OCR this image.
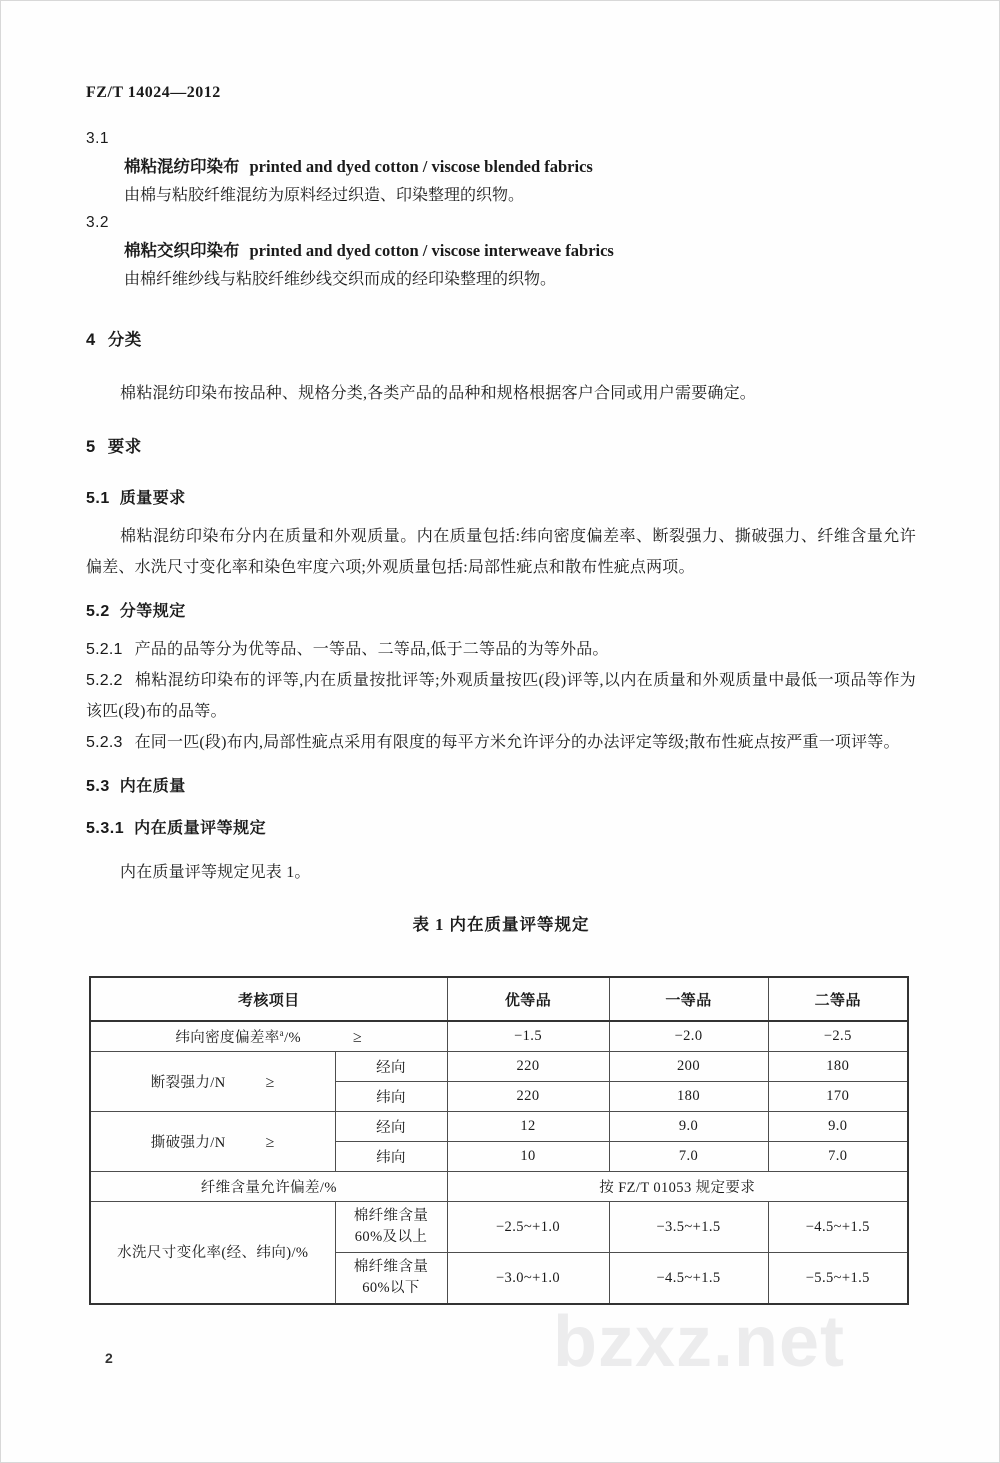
bzxz.net
FZ/T 14024—2012

3.1

棉粘混纺印染布 printed and dyed cotton / viscose blended fabrics

由棉与粘胶纤维混纺为原料经过织造、印染整理的织物。

3.2

棉粘交织印染布 printed and dyed cotton / viscose interweave fabrics

由棉纤维纱线与粘胶纤维纱线交织而成的经印染整理的织物。

4 分类

棉粘混纺印染布按品种、规格分类,各类产品的品种和规格根据客户合同或用户需要确定。

5 要求

5.1 质量要求

棉粘混纺印染布分内在质量和外观质量。内在质量包括:纬向密度偏差率、断裂强力、撕破强力、纤维含量允许偏差、水洗尺寸变化率和染色牢度六项;外观质量包括:局部性疵点和散布性疵点两项。

5.2 分等规定

5.2.1 产品的品等分为优等品、一等品、二等品,低于二等品的为等外品。

5.2.2 棉粘混纺印染布的评等,内在质量按批评等;外观质量按匹(段)评等,以内在质量和外观质量中最低一项品等作为该匹(段)布的品等。

5.2.3 在同一匹(段)布内,局部性疵点采用有限度的每平方米允许评分的办法评定等级;散布性疵点按严重一项评等。

5.3 内在质量

5.3.1 内在质量评等规定

内在质量评等规定见表 1。

表 1 内在质量评等规定

考核项目		优等品	一等品	二等品
纬向密度偏差率$^a$/% ≥		−1.5	−2.0	−2.5
断裂强力/N ≥	经向	220	200	180
	纬向	220	180	170
撕破强力/N ≥	经向	12	9.0	9.0
	纬向	10	7.0	7.0
纤维含量允许偏差/%		按 FZ/T 01053 规定要求		
水洗尺寸变化率(经、纬向)/%	棉纤维含量
60%及以上	−2.5~+1.0	−3.5~+1.5	−4.5~+1.5
	棉纤维含量
60%以下	−3.0~+1.0	−4.5~+1.5	−5.5~+1.5
2
